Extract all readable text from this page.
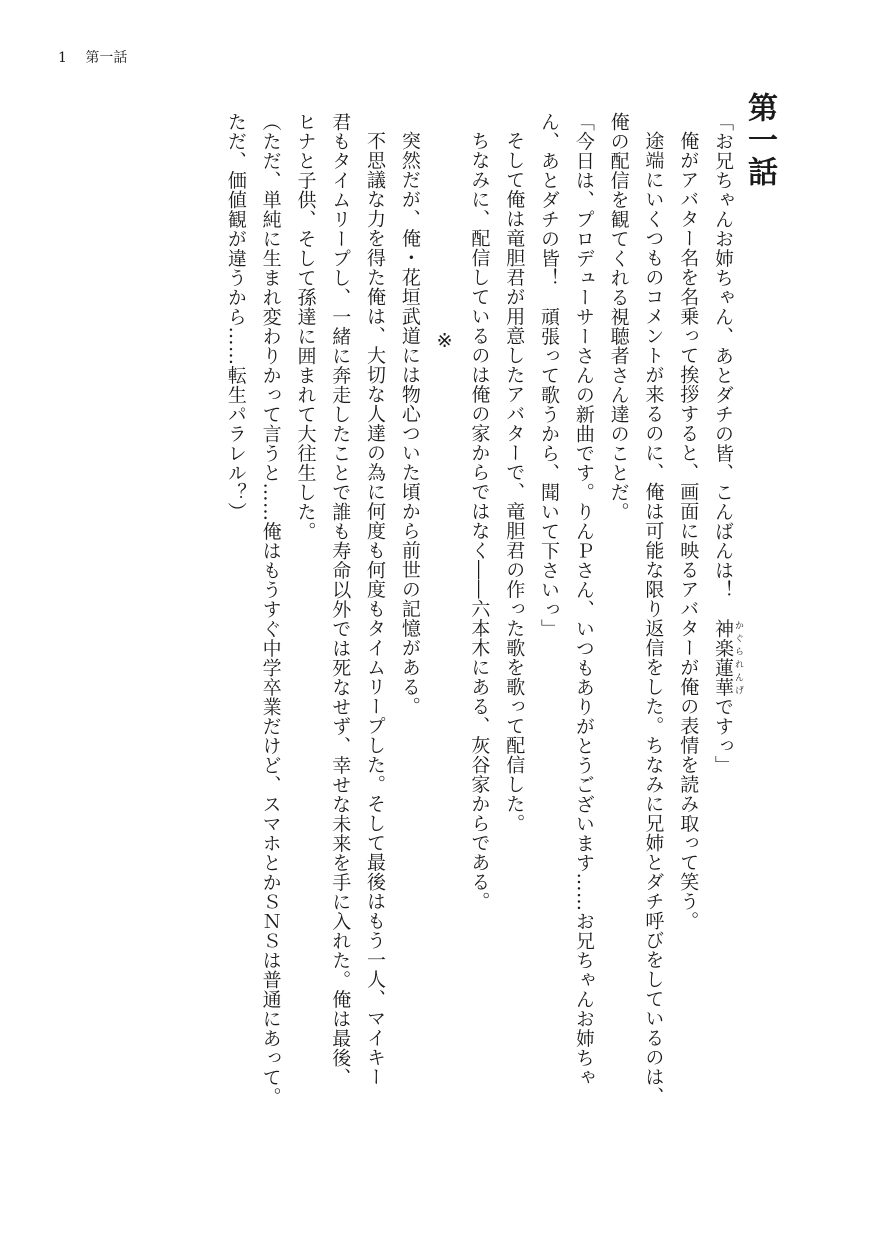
1 第一話
第一話
「お兄ちゃんお姉ちゃん、あとダチの皆、こんばんは！　神楽蓮華 かぐられんげですっ」
俺がアバター名を名乗って挨拶すると、画面に映るアバターが俺の表情を読み取って笑う。
途端にいくつものコメントが来るのに、俺は可能な限り返信をした。ちなみに兄姉とダチ呼びをしているのは、
俺の配信を観てくれる視聴者さん達のことだ。
「今日は、プロデューサーさんの新曲です。りんＰさん、いつもありがとうございます……お兄ちゃんお姉ちゃ
ん、あとダチの皆！　頑張って歌うから、聞いて下さいっ」
そして俺は竜胆君が用意したアバターで、竜胆君の作った歌を歌って配信した。
ちなみに、配信しているのは俺の家からではなく――六本木にある、灰谷家からである。
※
突然だが、俺・花垣武道には物心ついた頃から前世の記憶がある。
不思議な力を得た俺は、大切な人達の為に何度も何度もタイムリープした。そして最後はもう一人、マイキー
君もタイムリープし、一緒に奔走したことで誰も寿命以外では死なせず、幸せな未来を手に入れた。俺は最後、
ヒナと子供、そして孫達に囲まれて大往生した。
（ただ、単純に生まれ変わりかって言うと……俺はもうすぐ中学卒業だけど、スマホとかＳＮＳは普通にあって。
ただ、価値観が違うから……転生パラレル？）
